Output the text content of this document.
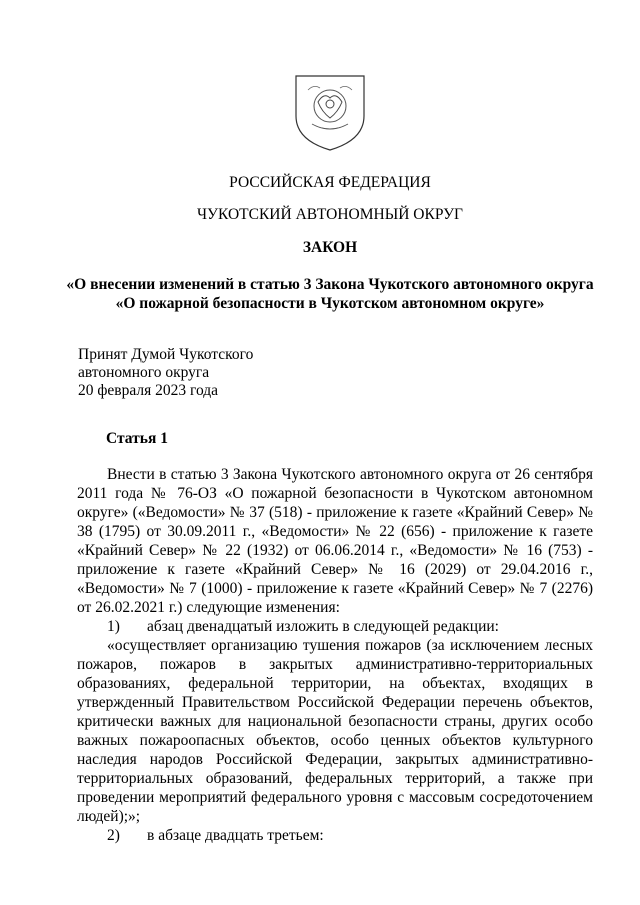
РОССИЙСКАЯ ФЕДЕРАЦИЯ
ЧУКОТСКИЙ АВТОНОМНЫЙ ОКРУГ
ЗАКОН
«О внесении изменений в статью 3 Закона Чукотского автономного округа
«О пожарной безопасности в Чукотском автономном округе»
Принят Думой Чукотского
автономного округа
20 февраля 2023 года
Статья 1

Внести в статью 3 Закона Чукотского автономного округа от 26 сентября 2011 года № 76-ОЗ «О пожарной безопасности в Чукотском автономном округе» («Ведомости» № 37 (518) - приложение к газете «Крайний Север» № 38 (1795) от 30.09.2011 г., «Ведомости» № 22 (656) - приложение к газете «Крайний Север» № 22 (1932) от 06.06.2014 г., «Ведомости» № 16 (753) - приложение к газете «Крайний Север» № 16 (2029) от 29.04.2016 г., «Ведомости» № 7 (1000) - приложение к газете «Крайний Север» № 7 (2276) от 26.02.2021 г.) следующие изменения:

1)	абзац двенадцатый изложить в следующей редакции:

«осуществляет организацию тушения пожаров (за исключением лесных пожаров, пожаров в закрытых административно-территориальных образованиях, федеральной территории, на объектах, входящих в утвержденный Правительством Российской Федерации перечень объектов, критически важных для национальной безопасности страны, других особо важных пожароопасных объектов, особо ценных объектов культурного наследия народов Российской Федерации, закрытых административно-территориальных образований, федеральных территорий, а также при проведении мероприятий федерального уровня с массовым сосредоточением людей);»;

2)	в абзаце двадцать третьем:
